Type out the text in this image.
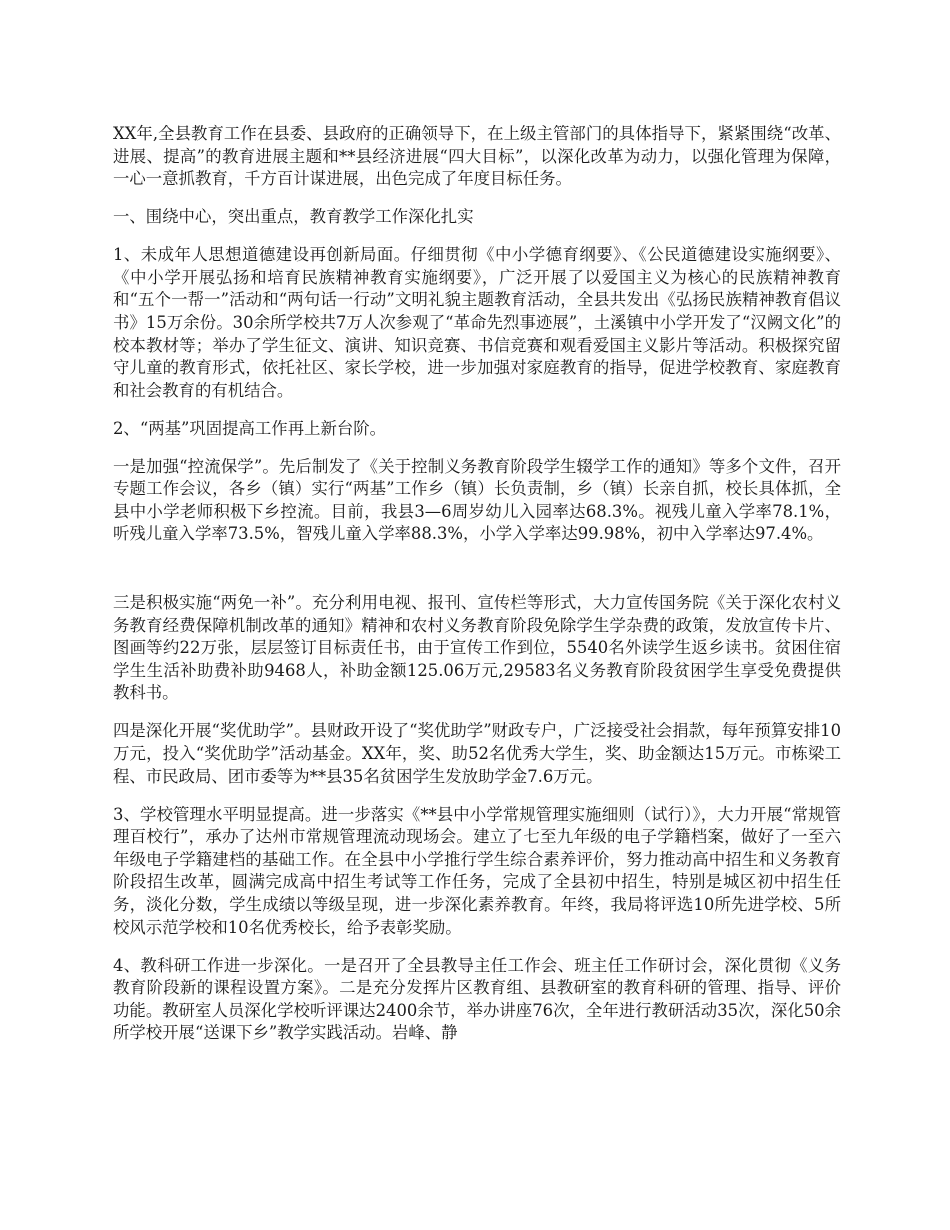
XX年,全县教育工作在县委、县政府的正确领导下，在上级主管部门的具体指导下，紧紧围绕“改革、进展、提高”的教育进展主题和**县经济进展“四大目标”，以深化改革为动力，以强化管理为保障，一心一意抓教育，千方百计谋进展，出色完成了年度目标任务。

一、围绕中心，突出重点，教育教学工作深化扎实

1、未成年人思想道德建设再创新局面。仔细贯彻《中小学德育纲要》、《公民道德建设实施纲要》、《中小学开展弘扬和培育民族精神教育实施纲要》，广泛开展了以爱国主义为核心的民族精神教育和“五个一帮一”活动和“两句话一行动”文明礼貌主题教育活动，全县共发出《弘扬民族精神教育倡议书》15万余份。30余所学校共7万人次参观了“革命先烈事迹展”，土溪镇中小学开发了“汉阙文化”的校本教材等；举办了学生征文、演讲、知识竞赛、书信竞赛和观看爱国主义影片等活动。积极探究留守儿童的教育形式，依托社区、家长学校，进一步加强对家庭教育的指导，促进学校教育、家庭教育和社会教育的有机结合。

2、“两基”巩固提高工作再上新台阶。

一是加强“控流保学”。先后制发了《关于控制义务教育阶段学生辍学工作的通知》等多个文件，召开专题工作会议，各乡（镇）实行“两基”工作乡（镇）长负责制，乡（镇）长亲自抓，校长具体抓，全县中小学老师积极下乡控流。目前，我县3—6周岁幼儿入园率达68.3%。视残儿童入学率78.1%，听残儿童入学率73.5%，智残儿童入学率88.3%，小学入学率达99.98%，初中入学率达97.4%。

三是积极实施“两免一补”。充分利用电视、报刊、宣传栏等形式，大力宣传国务院《关于深化农村义务教育经费保障机制改革的通知》精神和农村义务教育阶段免除学生学杂费的政策，发放宣传卡片、图画等约22万张，层层签订目标责任书，由于宣传工作到位，5540名外读学生返乡读书。贫困住宿学生生活补助费补助9468人，补助金额125.06万元,29583名义务教育阶段贫困学生享受免费提供教科书。

四是深化开展“奖优助学”。县财政开设了“奖优助学”财政专户，广泛接受社会捐款，每年预算安排10万元，投入“奖优助学”活动基金。XX年，奖、助52名优秀大学生，奖、助金额达15万元。市栋梁工程、市民政局、团市委等为**县35名贫困学生发放助学金7.6万元。

3、学校管理水平明显提高。进一步落实《**县中小学常规管理实施细则（试行）》，大力开展“常规管理百校行”，承办了达州市常规管理流动现场会。建立了七至九年级的电子学籍档案，做好了一至六年级电子学籍建档的基础工作。在全县中小学推行学生综合素养评价，努力推动高中招生和义务教育阶段招生改革，圆满完成高中招生考试等工作任务，完成了全县初中招生，特别是城区初中招生任务，淡化分数，学生成绩以等级呈现，进一步深化素养教育。年终，我局将评选10所先进学校、5所校风示范学校和10名优秀校长，给予表彰奖励。

4、教科研工作进一步深化。一是召开了全县教导主任工作会、班主任工作研讨会，深化贯彻《义务教育阶段新的课程设置方案》。二是充分发挥片区教育组、县教研室的教育科研的管理、指导、评价功能。教研室人员深化学校听评课达2400余节，举办讲座76次，全年进行教研活动35次，深化50余所学校开展“送课下乡”教学实践活动。岩峰、静
